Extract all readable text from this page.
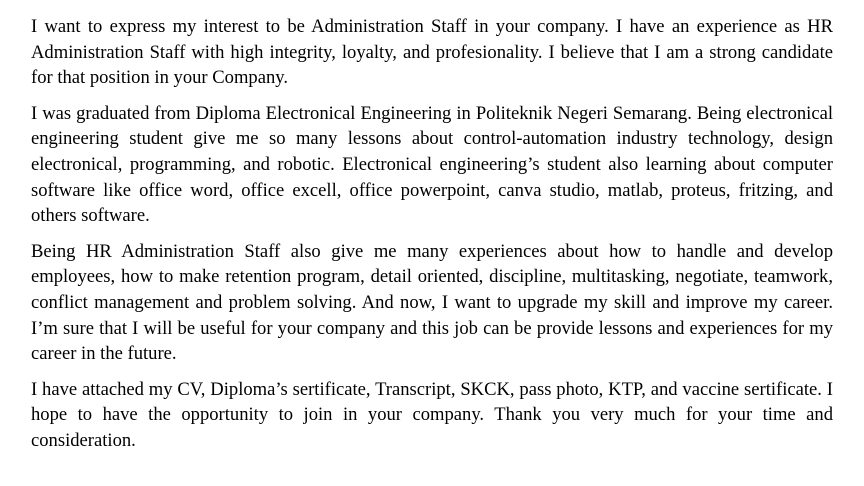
I want to express my interest to be Administration Staff in your company. I have an experience as HR Administration Staff with high integrity, loyalty, and profesionality. I believe that I am a strong candidate for that position in your Company.

I was graduated from Diploma Electronical Engineering in Politeknik Negeri Semarang. Being electronical engineering student give me so many lessons about control-automation industry technology, design electronical, programming, and robotic. Electronical engineering’s student also learning about computer software like office word, office excell, office powerpoint, canva studio, matlab, proteus, fritzing, and others software.

Being HR Administration Staff also give me many experiences about how to handle and develop employees, how to make retention program, detail oriented, discipline, multitasking, negotiate, teamwork, conflict management and problem solving. And now, I want to upgrade my skill and improve my career. I’m sure that I will be useful for your company and this job can be provide lessons and experiences for my career in the future.

I have attached my CV, Diploma’s sertificate, Transcript, SKCK, pass photo, KTP, and vaccine sertificate. I hope to have the opportunity to join in your company. Thank you very much for your time and consideration.
